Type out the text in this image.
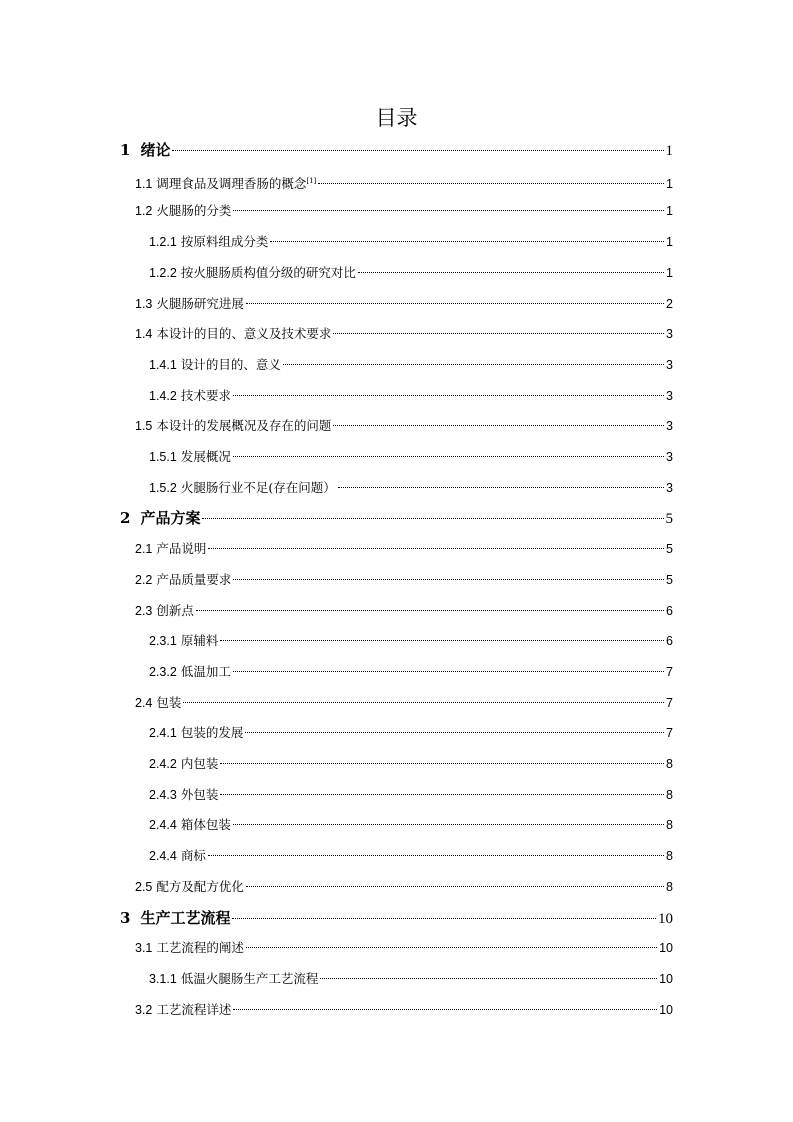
目录
1 绪论	1
1.1 调理食品及调理香肠的概念[1]	1
1.2 火腿肠的分类	1
1.2.1 按原料组成分类	1
1.2.2 按火腿肠质构值分级的研究对比	1
1.3 火腿肠研究进展	2
1.4 本设计的目的、意义及技术要求	3
1.4.1 设计的目的、意义	3
1.4.2 技术要求	3
1.5 本设计的发展概况及存在的问题	3
1.5.1 发展概况	3
1.5.2 火腿肠行业不足(存在问题）	3
2 产品方案	5
2.1 产品说明	5
2.2 产品质量要求	5
2.3 创新点	6
2.3.1 原辅料	6
2.3.2 低温加工	7
2.4 包装	7
2.4.1 包装的发展	7
2.4.2 内包装	8
2.4.3 外包装	8
2.4.4 箱体包装	8
2.4.4 商标	8
2.5 配方及配方优化	8
3 生产工艺流程	10
3.1 工艺流程的阐述	10
3.1.1 低温火腿肠生产工艺流程	10
3.2 工艺流程详述	10
